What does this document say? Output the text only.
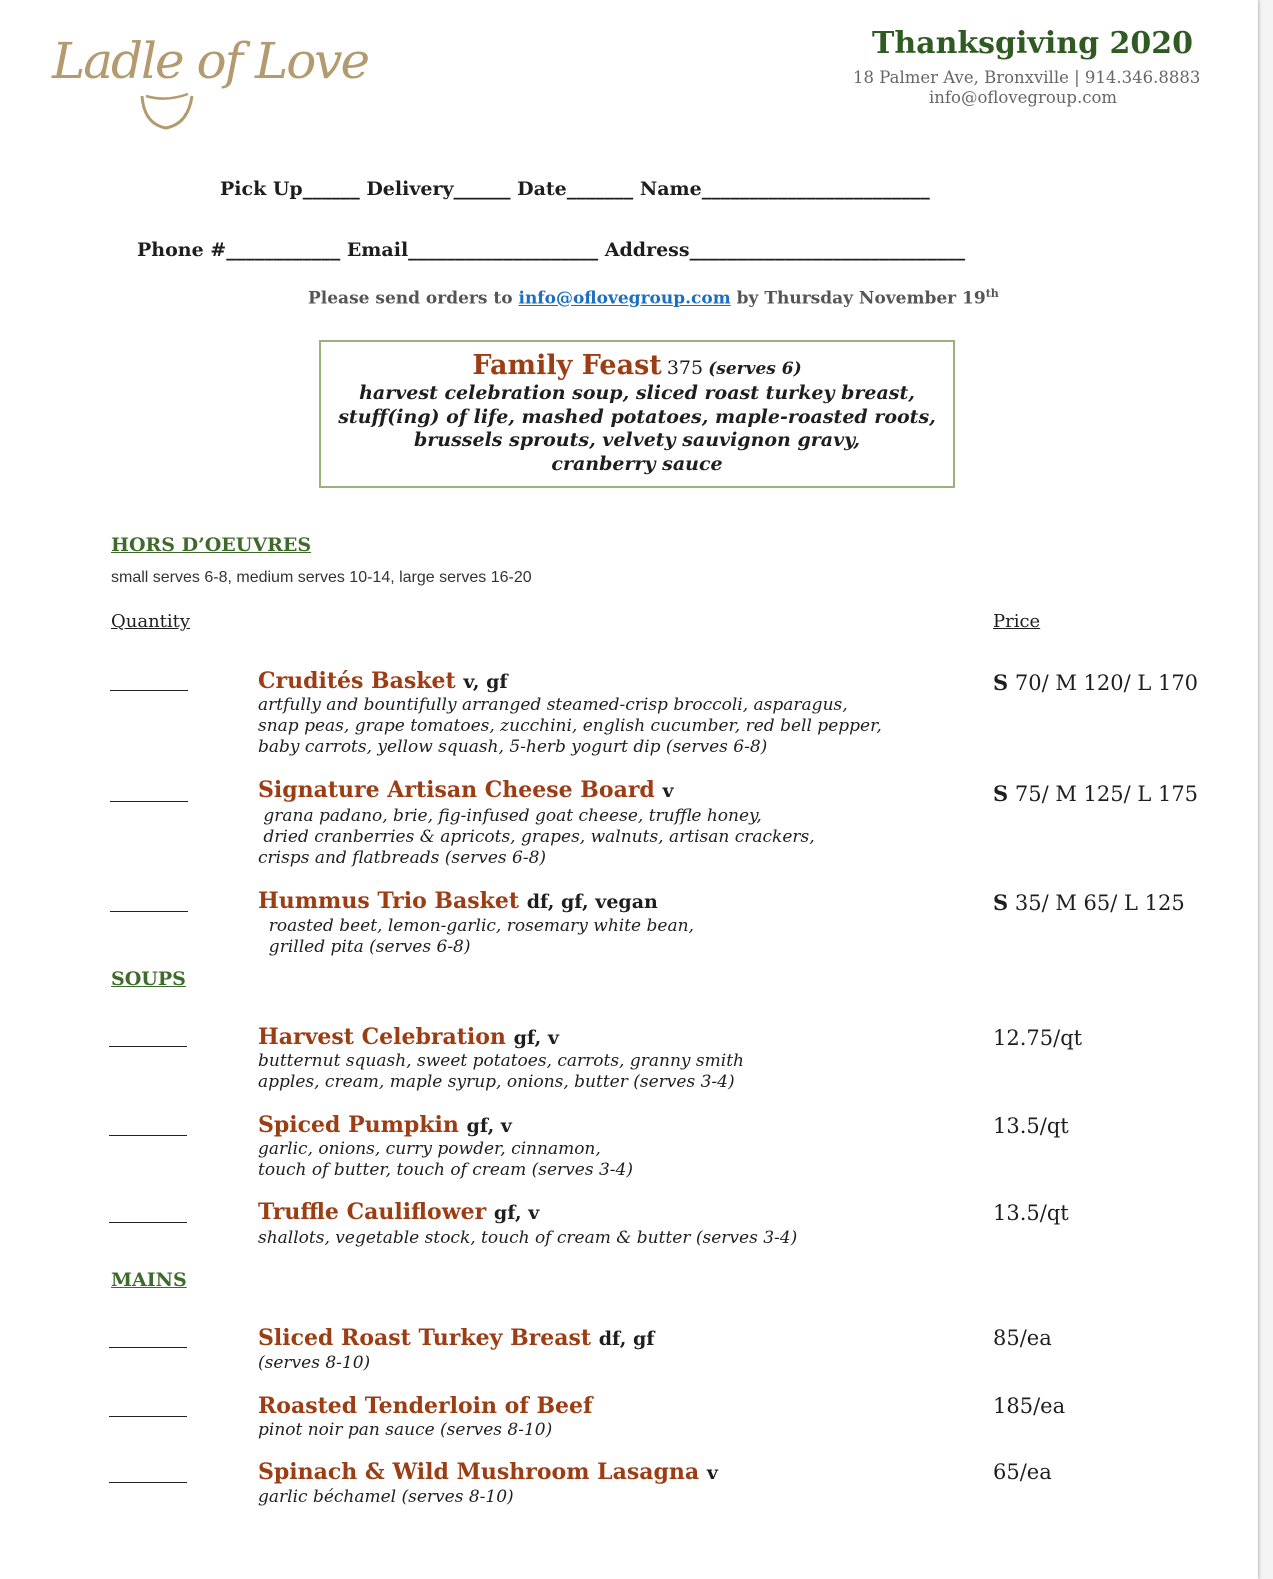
Ladle of Love	Thanksgiving 2020
18 Palmer Ave, Bronxville | 914.346.8883
info@oflovegroup.com
Pick Up______ Delivery______ Date_______ Name________________________
Phone #____________ Email____________________ Address_____________________________
Please send orders to info@oflovegroup.com by Thursday November 19th
Family Feast 375 (serves 6)
harvest celebration soup, sliced roast turkey breast,
stuff(ing) of life, mashed potatoes, maple-roasted roots,
brussels sprouts, velvety sauvignon gravy,
cranberry sauce
HORS D’OEUVRES
small serves 6-8, medium serves 10-14, large serves 16-20
Quantity	Price
Crudités Basket v, gf
artfully and bountifully arranged steamed-crisp broccoli, asparagus,
snap peas, grape tomatoes, zucchini, english cucumber, red bell pepper,
baby carrots, yellow squash, 5-herb yogurt dip (serves 6-8)
S 70/ M 120/ L 170
Signature Artisan Cheese Board v
grana padano, brie, fig-infused goat cheese, truffle honey,
dried cranberries & apricots, grapes, walnuts, artisan crackers,
crisps and flatbreads (serves 6-8)
S 75/ M 125/ L 175
Hummus Trio Basket df, gf, vegan
roasted beet, lemon-garlic, rosemary white bean,
grilled pita (serves 6-8)
S 35/ M 65/ L 125
SOUPS
Harvest Celebration gf, v
butternut squash, sweet potatoes, carrots, granny smith
apples, cream, maple syrup, onions, butter (serves 3-4)
12.75/qt
Spiced Pumpkin gf, v
garlic, onions, curry powder, cinnamon,
touch of butter, touch of cream (serves 3-4)
13.5/qt
Truffle Cauliflower gf, v
shallots, vegetable stock, touch of cream & butter (serves 3-4)
13.5/qt
MAINS
Sliced Roast Turkey Breast df, gf
(serves 8-10)
85/ea
Roasted Tenderloin of Beef
pinot noir pan sauce (serves 8-10)
185/ea
Spinach & Wild Mushroom Lasagna v
garlic béchamel (serves 8-10)
65/ea
